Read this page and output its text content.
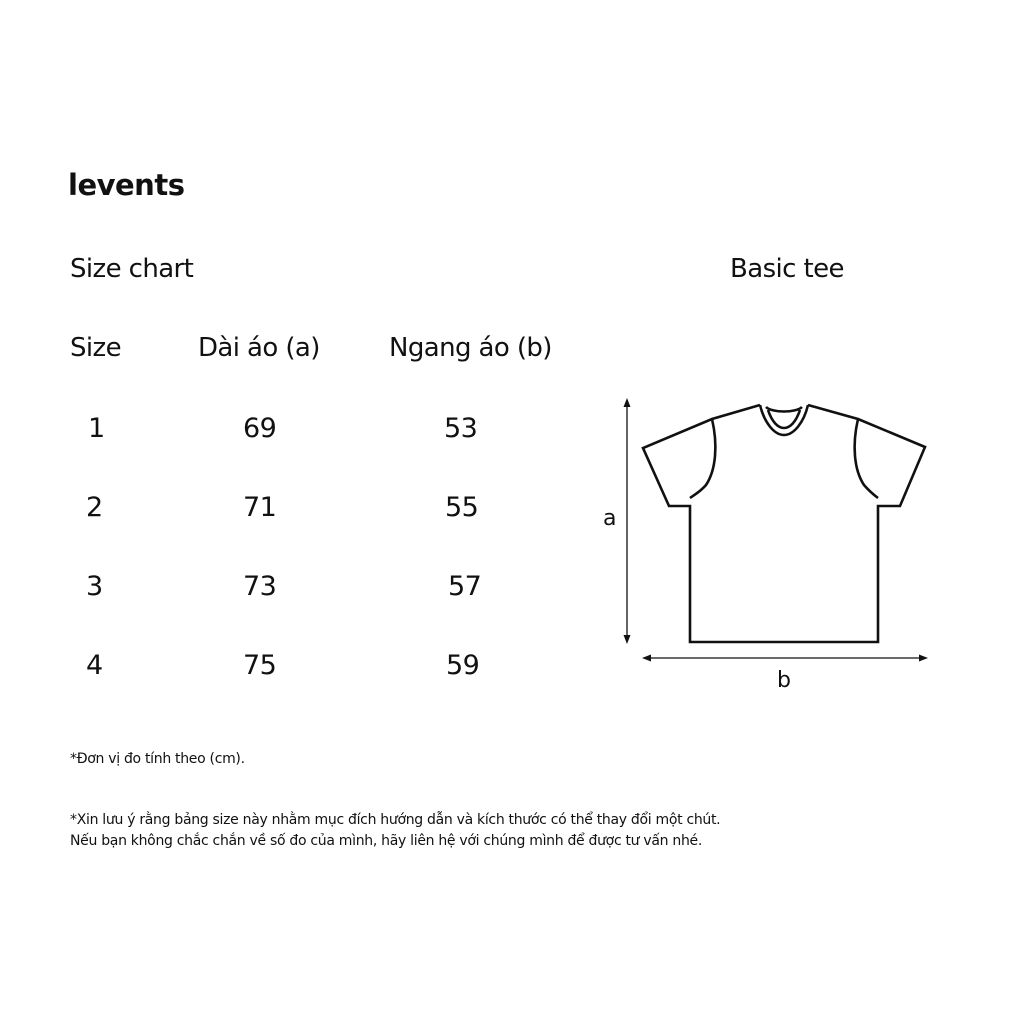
levents
Size chart	Basic tee
Size	Dài áo (a)	Ngang áo (b)
1	69	53
2	71	55
3	73	57
4	75	59
a
b
*Đơn vị đo tính theo (cm).
*Xin lưu ý rằng bảng size này nhằm mục đích hướng dẫn và kích thước có thể thay đổi một chút.
Nếu bạn không chắc chắn về số đo của mình, hãy liên hệ với chúng mình để được tư vấn nhé.
